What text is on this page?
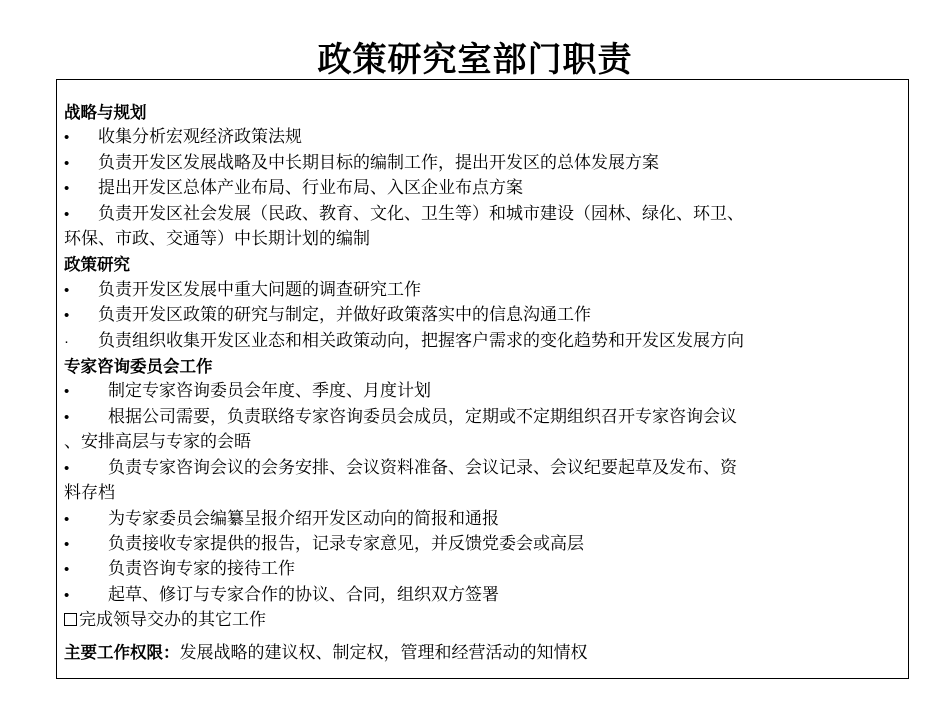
政策研究室部门职责

战略与规划

• 收集分析宏观经济政策法规

• 负责开发区发展战略及中长期目标的编制工作，提出开发区的总体发展方案

• 提出开发区总体产业布局、行业布局、入区企业布点方案

• 负责开发区社会发展（民政、教育、文化、卫生等）和城市建设（园林、绿化、环卫、

环保、市政、交通等）中长期计划的编制

政策研究

• 负责开发区发展中重大问题的调查研究工作

• 负责开发区政策的研究与制定，并做好政策落实中的信息沟通工作

· 负责组织收集开发区业态和相关政策动向，把握客户需求的变化趋势和开发区发展方向

专家咨询委员会工作

• 制定专家咨询委员会年度、季度、月度计划

• 根据公司需要，负责联络专家咨询委员会成员，定期或不定期组织召开专家咨询会议

、安排高层与专家的会晤

• 负责专家咨询会议的会务安排、会议资料准备、会议记录、会议纪要起草及发布、资

料存档

• 为专家委员会编纂呈报介绍开发区动向的简报和通报

• 负责接收专家提供的报告，记录专家意见，并反馈党委会或高层

• 负责咨询专家的接待工作

• 起草、修订与专家合作的协议、合同，组织双方签署

完成领导交办的其它工作

主要工作权限：发展战略的建议权、制定权，管理和经营活动的知情权
